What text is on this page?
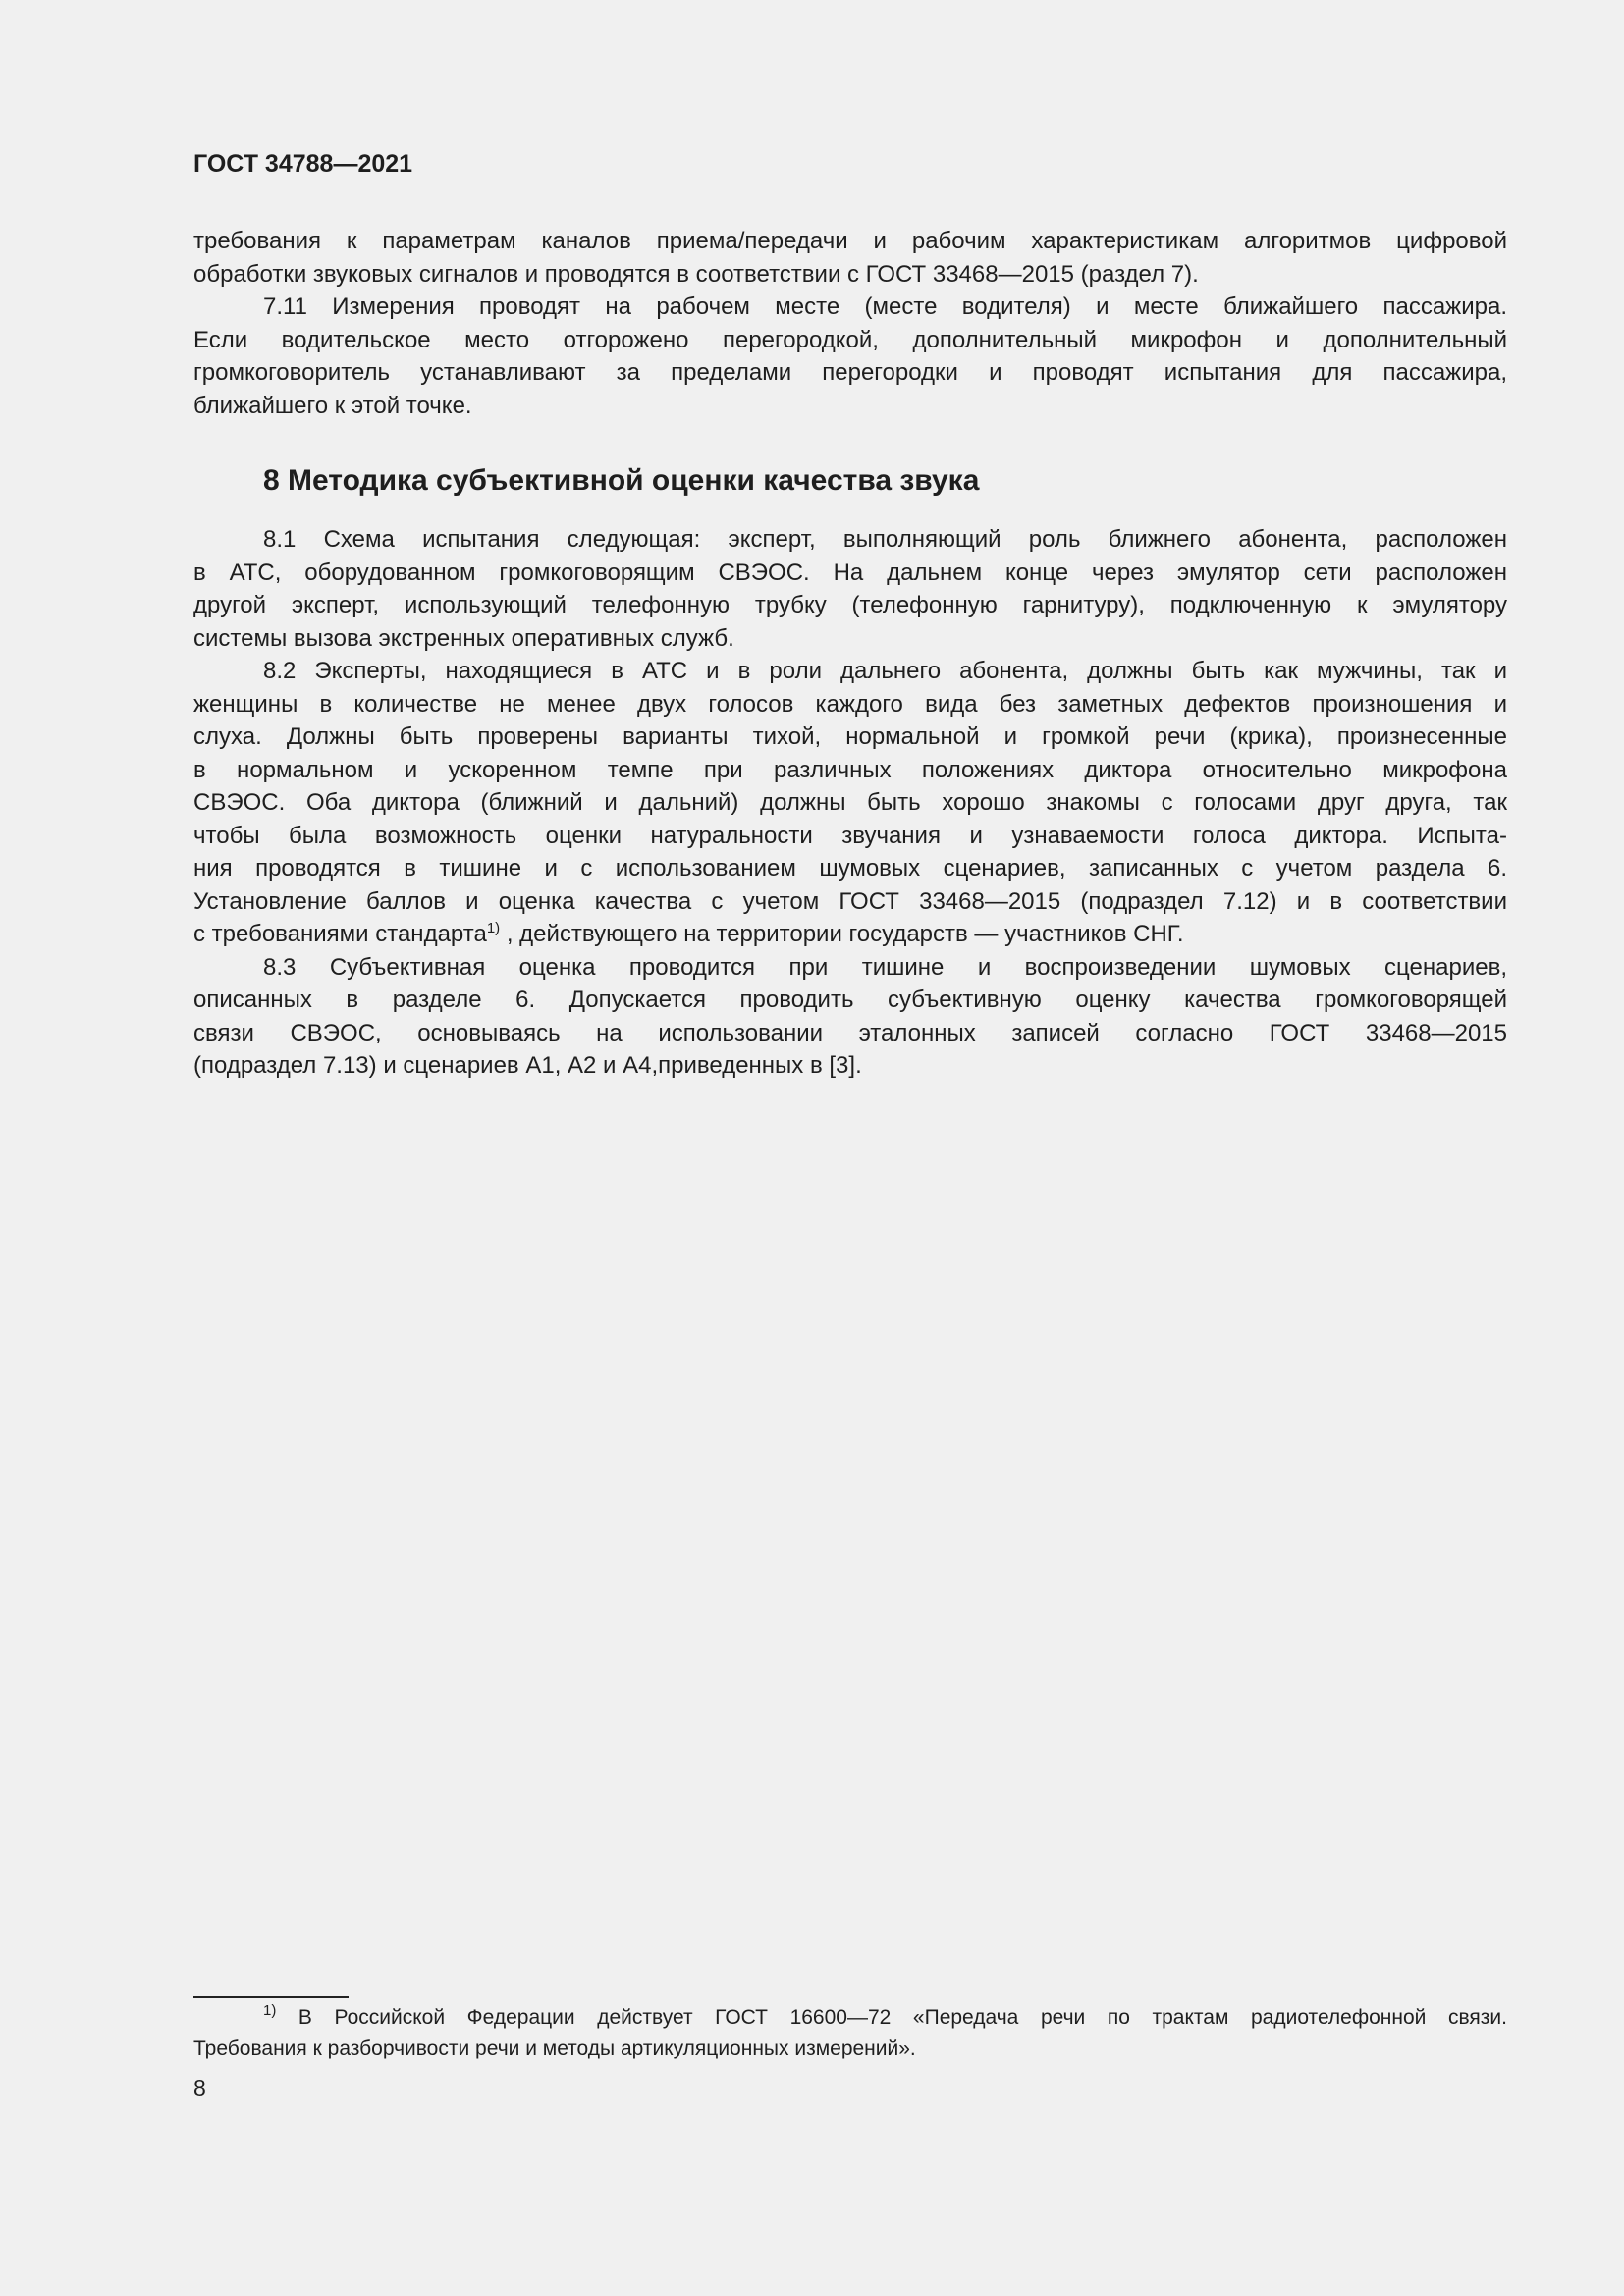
ГОСТ 34788—2021
требования к параметрам каналов приема/передачи и рабочим характеристикам алгоритмов цифровой
обработки звуковых сигналов и проводятся в соответствии с ГОСТ 33468—2015 (раздел 7).
7.11 Измерения проводят на рабочем месте (месте водителя) и месте ближайшего пассажира.
Если водительское место отгорожено перегородкой, дополнительный микрофон и дополнительный
громкоговоритель устанавливают за пределами перегородки и проводят испытания для пассажира,
ближайшего к этой точке.
8 Методика субъективной оценки качества звука
8.1 Схема испытания следующая: эксперт, выполняющий роль ближнего абонента, расположен
в АТС, оборудованном громкоговорящим СВЭОС. На дальнем конце через эмулятор сети расположен
другой эксперт, использующий телефонную трубку (телефонную гарнитуру), подключенную к эмулятору
системы вызова экстренных оперативных служб.
8.2 Эксперты, находящиеся в АТС и в роли дальнего абонента, должны быть как мужчины, так и
женщины в количестве не менее двух голосов каждого вида без заметных дефектов произношения и
слуха. Должны быть проверены варианты тихой, нормальной и громкой речи (крика), произнесенные
в нормальном и ускоренном темпе при различных положениях диктора относительно микрофона
СВЭОС. Оба диктора (ближний и дальний) должны быть хорошо знакомы с голосами друг друга, так
чтобы была возможность оценки натуральности звучания и узнаваемости голоса диктора. Испыта-
ния проводятся в тишине и с использованием шумовых сценариев, записанных с учетом раздела 6.
Установление баллов и оценка качества с учетом ГОСТ 33468—2015 (подраздел 7.12) и в соответствии
с требованиями стандарта$^{1)}$ , действующего на территории государств — участников СНГ.
8.3 Субъективная оценка проводится при тишине и воспроизведении шумовых сценариев,
описанных в разделе 6. Допускается проводить субъективную оценку качества громкоговорящей
связи СВЭОС, основываясь на использовании эталонных записей согласно ГОСТ 33468—2015
(подраздел 7.13) и сценариев А1, А2 и А4,приведенных в [3].
$^{1)}$ В Российской Федерации действует ГОСТ 16600—72 «Передача речи по трактам радиотелефонной связи.
Требования к разборчивости речи и методы артикуляционных измерений».
8
